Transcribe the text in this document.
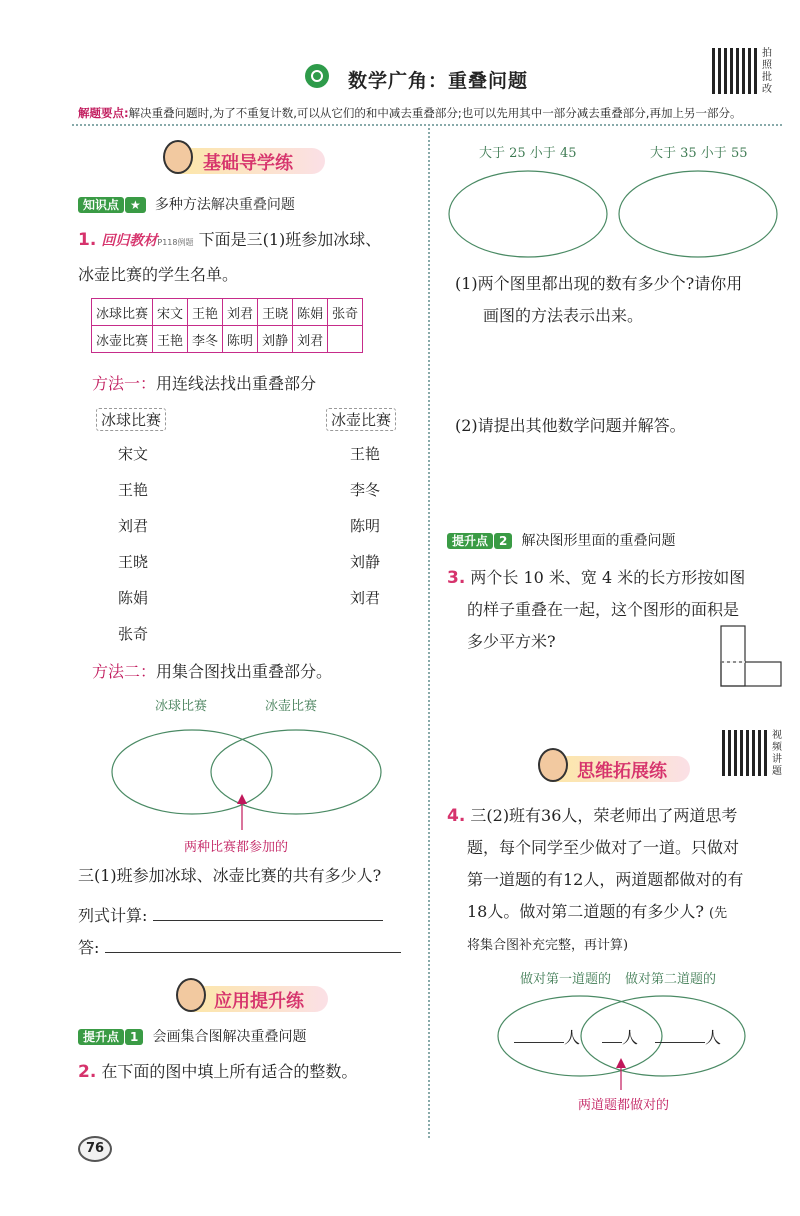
数学广角：重叠问题
拍照批改
解题要点:解决重叠问题时,为了不重复计数,可以从它们的和中减去重叠部分;也可以先用其中一部分减去重叠部分,再加上另一部分。
基础导学练
知识点 ★ 多种方法解决重叠问题
1. 回归教材P118例题 下面是三(1)班参加冰球、
冰壶比赛的学生名单。
冰球比赛	宋文	王艳	刘君	王晓	陈娟	张奇
冰壶比赛	王艳	李冬	陈明	刘静	刘君	
方法一：用连线法找出重叠部分
冰球比赛	冰壶比赛
宋文
王艳
刘君
王晓
陈娟
张奇
王艳
李冬
陈明
刘静
刘君
方法二：用集合图找出重叠部分。
冰球比赛	冰壶比赛
两种比赛都参加的
三(1)班参加冰球、冰壶比赛的共有多少人?
列式计算:
答:
应用提升练
提升点 1 会画集合图解决重叠问题
2. 在下面的图中填上所有适合的整数。
76
大于 25 小于 45	大于 35 小于 55
(1)两个图里都出现的数有多少个?请你用
画图的方法表示出来。
(2)请提出其他数学问题并解答。
提升点 2 解决图形里面的重叠问题
3. 两个长 10 米、宽 4 米的长方形按如图
的样子重叠在一起，这个图形的面积是
多少平方米?
视频讲题
思维拓展练
4. 三(2)班有36人，荣老师出了两道思考
题，每个同学至少做对了一道。只做对
第一道题的有12人，两道题都做对的有
18人。做对第二道题的有多少人? (先
将集合图补充完整，再计算)
做对第一道题的 做对第二道题的
人	人	人
两道题都做对的
